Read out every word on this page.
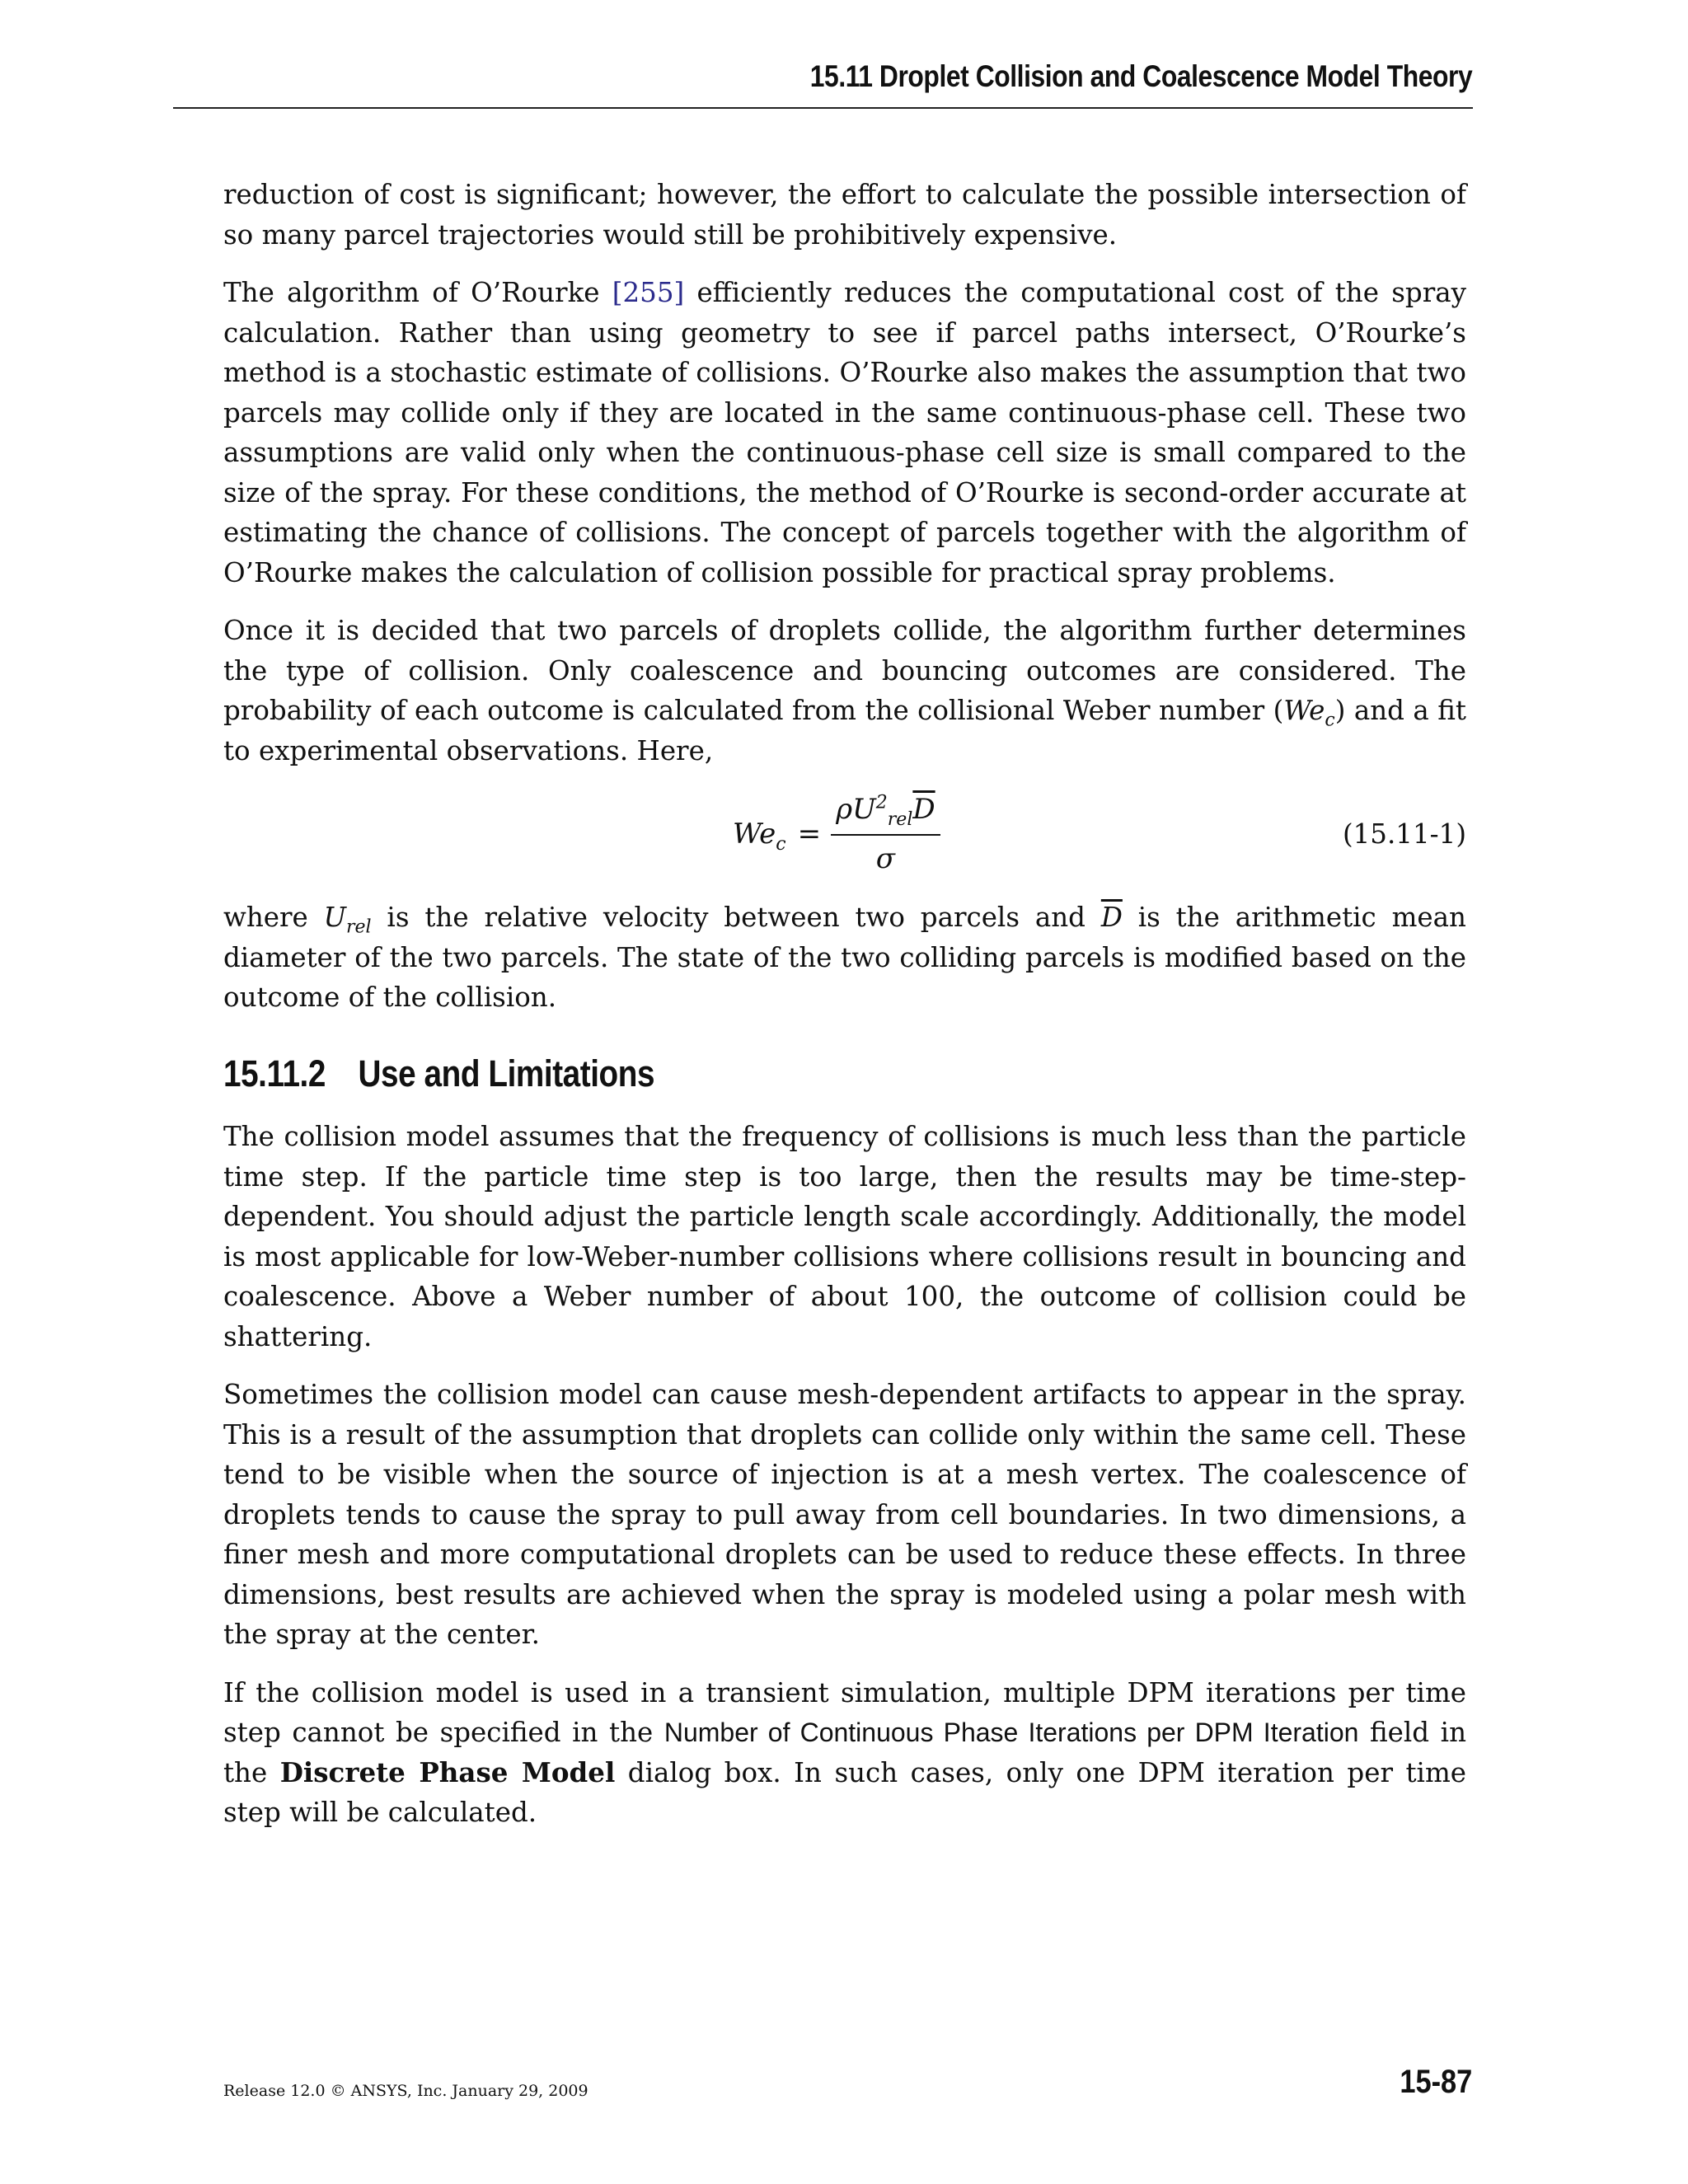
15.11 Droplet Collision and Coalescence Model Theory

reduction of cost is significant; however, the effort to calculate the possible intersection of so many parcel trajectories would still be prohibitively expensive.

The algorithm of O’Rourke [255] efficiently reduces the computational cost of the spray calculation. Rather than using geometry to see if parcel paths intersect, O’Rourke’s method is a stochastic estimate of collisions. O’Rourke also makes the assumption that two parcels may collide only if they are located in the same continuous-phase cell. These two assumptions are valid only when the continuous-phase cell size is small compared to the size of the spray. For these conditions, the method of O’Rourke is second-order accurate at estimating the chance of collisions. The concept of parcels together with the algorithm of O’Rourke makes the calculation of collision possible for practical spray problems.

Once it is decided that two parcels of droplets collide, the algorithm further determines the type of collision. Only coalescence and bouncing outcomes are considered. The probability of each outcome is calculated from the collisional Weber number $(We_c)$ and a fit to experimental observations. Here,

$We_c = \frac{\rho U^2_{rel}\overline{D}}{\sigma}$	(15.11-1)

where $U_{rel}$ is the relative velocity between two parcels and $\overline{D}$ is the arithmetic mean diameter of the two parcels. The state of the two colliding parcels is modified based on the outcome of the collision.

15.11.2 Use and Limitations

The collision model assumes that the frequency of collisions is much less than the particle time step. If the particle time step is too large, then the results may be time-step-dependent. You should adjust the particle length scale accordingly. Additionally, the model is most applicable for low-Weber-number collisions where collisions result in bouncing and coalescence. Above a Weber number of about 100, the outcome of collision could be shattering.

Sometimes the collision model can cause mesh-dependent artifacts to appear in the spray. This is a result of the assumption that droplets can collide only within the same cell. These tend to be visible when the source of injection is at a mesh vertex. The coalescence of droplets tends to cause the spray to pull away from cell boundaries. In two dimensions, a finer mesh and more computational droplets can be used to reduce these effects. In three dimensions, best results are achieved when the spray is modeled using a polar mesh with the spray at the center.

If the collision model is used in a transient simulation, multiple DPM iterations per time step cannot be specified in the Number of Continuous Phase Iterations per DPM Iteration field in the Discrete Phase Model dialog box. In such cases, only one DPM iteration per time step will be calculated.

Release 12.0 © ANSYS, Inc. January 29, 2009	15-87
